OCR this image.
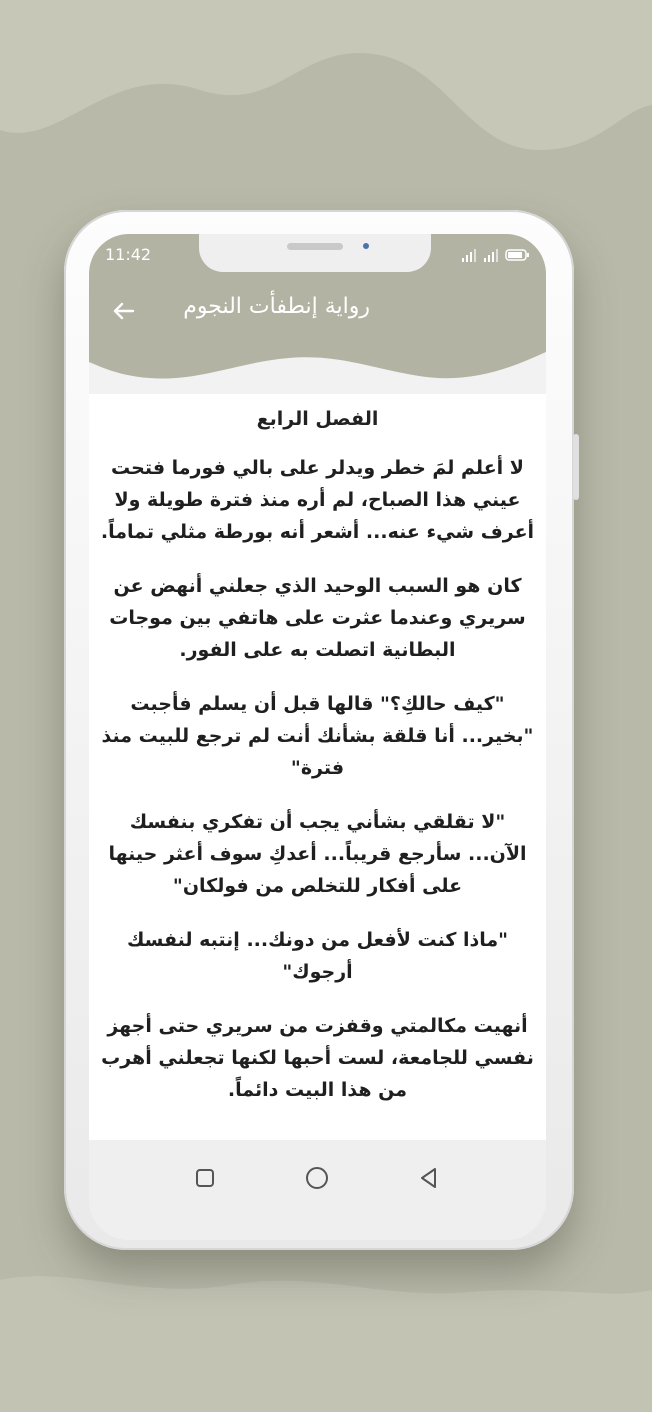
11:42
رواية إنطفأت النجوم
الفصل الرابع

لا أعلم لمَ خطر ويدلر على بالي فورما فتحت عيني هذا الصباح، لم أره منذ فترة طويلة ولا أعرف شيء عنه... أشعر أنه بورطة مثلي تماماً.

كان هو السبب الوحيد الذي جعلني أنهض عن سريري وعندما عثرت على هاتفي بين موجات البطانية اتصلت به على الفور.

"كيف حالكِ؟" قالها قبل أن يسلم فأجبت "بخير... أنا قلقة بشأنك أنت لم ترجع للبيت منذ فترة"

"لا تقلقي بشأني يجب أن تفكري بنفسك الآن... سأرجع قريباً... أعدكِ سوف أعثر حينها على أفكار للتخلص من فولكان"

"ماذا كنت لأفعل من دونك... إنتبه لنفسك أرجوك"

أنهيت مكالمتي وقفزت من سريري حتى أجهز نفسي للجامعة، لست أحبها لكنها تجعلني أهرب من هذا البيت دائماً.
